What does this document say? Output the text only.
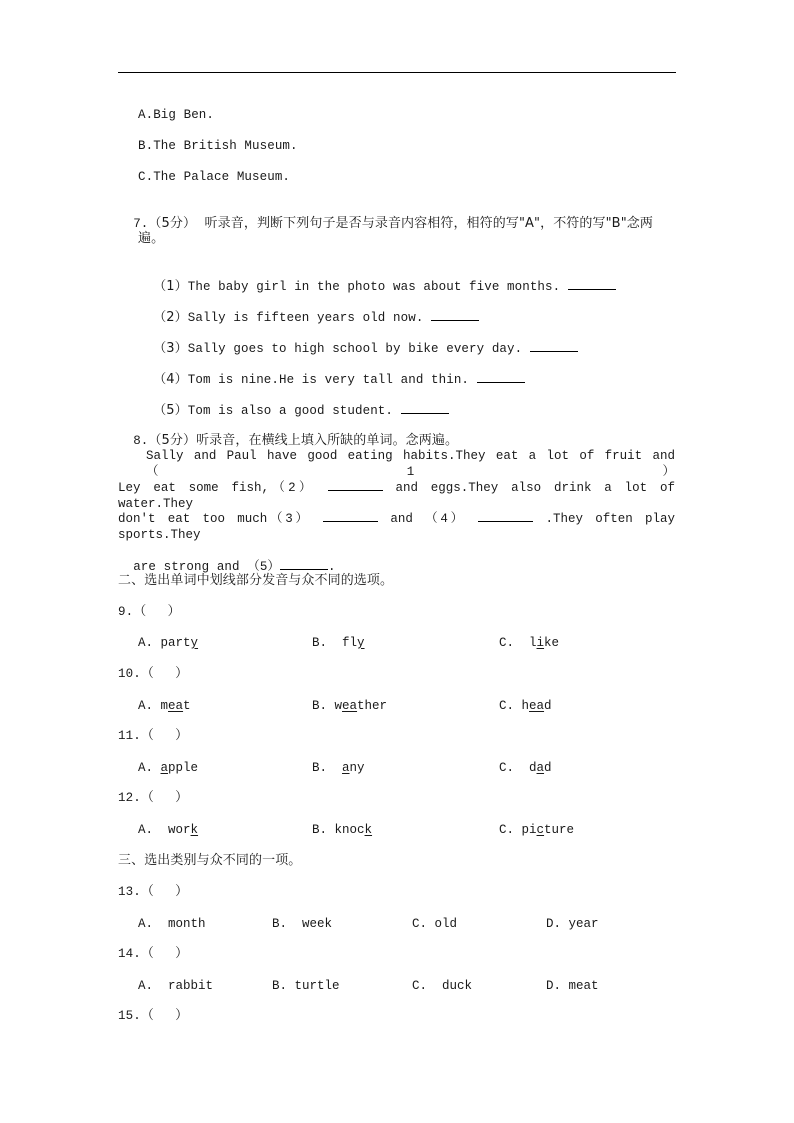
A.Big Ben.
B.The British Museum.
C.The Palace Museum.

7.（5分）  听录音，判断下列句子是否与录音内容相符，相符的写"A"，不符的写"B"念两

遍。

（1）The baby girl in the photo was about five months.

（2）Sally is fifteen years old now.

（3）Sally goes to high school by bike every day.

（4）Tom is nine.He is very tall and thin.

（5）Tom is also a good student.

8.（5分）听录音，在横线上填入所缺的单词。念两遍。

Sally and Paul have good eating habits.They eat a lot of fruit and （1）
Ley eat some fish,（2）	and eggs.They also drink a lot of water.They
don't eat too much（3）	and （4）	.They often play sports.They

are strong and （5）	.

二、选出单词中划线部分发音与众不同的选项。
9.（     ）
A. party	B.  fly	C.  like
10.（     ）
A. meat	B. weather	C. head
11.（     ）
A. apple	B.  any	C.  dad
12.（     ）
A.  work	B. knock	C. picture
三、选出类别与众不同的一项。
13.（     ）
A.  month	B.  week	C. old	D. year
14.（     ）
A.  rabbit	B. turtle	C.  duck	D. meat
15.（     ）
